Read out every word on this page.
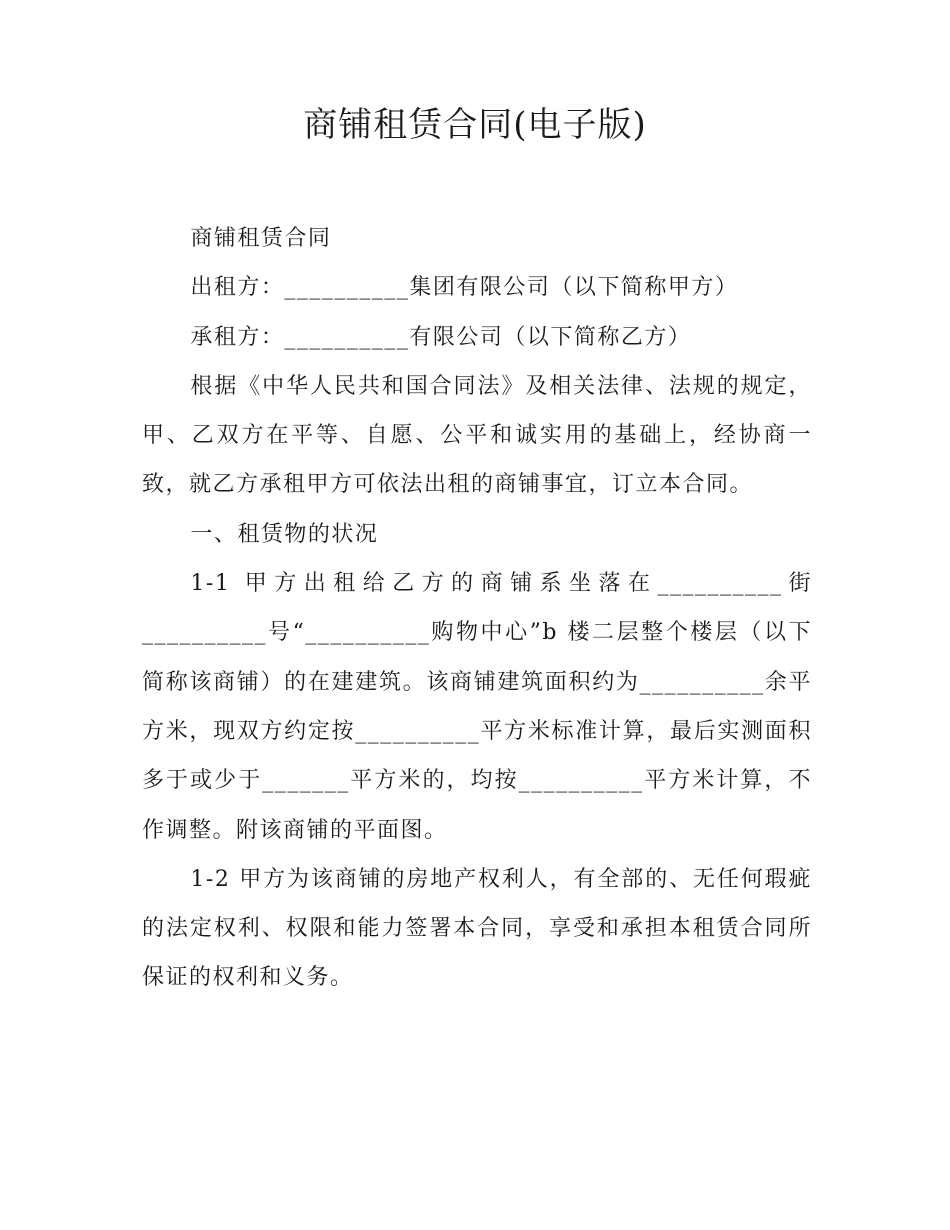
商铺租赁合同(电子版)

商铺租赁合同

出租方：__________集团有限公司（以下简称甲方）

承租方：__________有限公司（以下简称乙方）

根据《中华人民共和国合同法》及相关法律、法规的规定，甲、乙双方在平等、自愿、公平和诚实用的基础上，经协商一致，就乙方承租甲方可依法出租的商铺事宜，订立本合同。

一、租赁物的状况

1-1 甲方出租给乙方的商铺系坐落在__________街__________号“__________购物中心”b 楼二层整个楼层（以下简称该商铺）的在建建筑。该商铺建筑面积约为__________余平方米，现双方约定按__________平方米标准计算，最后实测面积多于或少于_______平方米的，均按__________平方米计算，不作调整。附该商铺的平面图。

1-2 甲方为该商铺的房地产权利人，有全部的、无任何瑕疵的法定权利、权限和能力签署本合同，享受和承担本租赁合同所保证的权利和义务。
